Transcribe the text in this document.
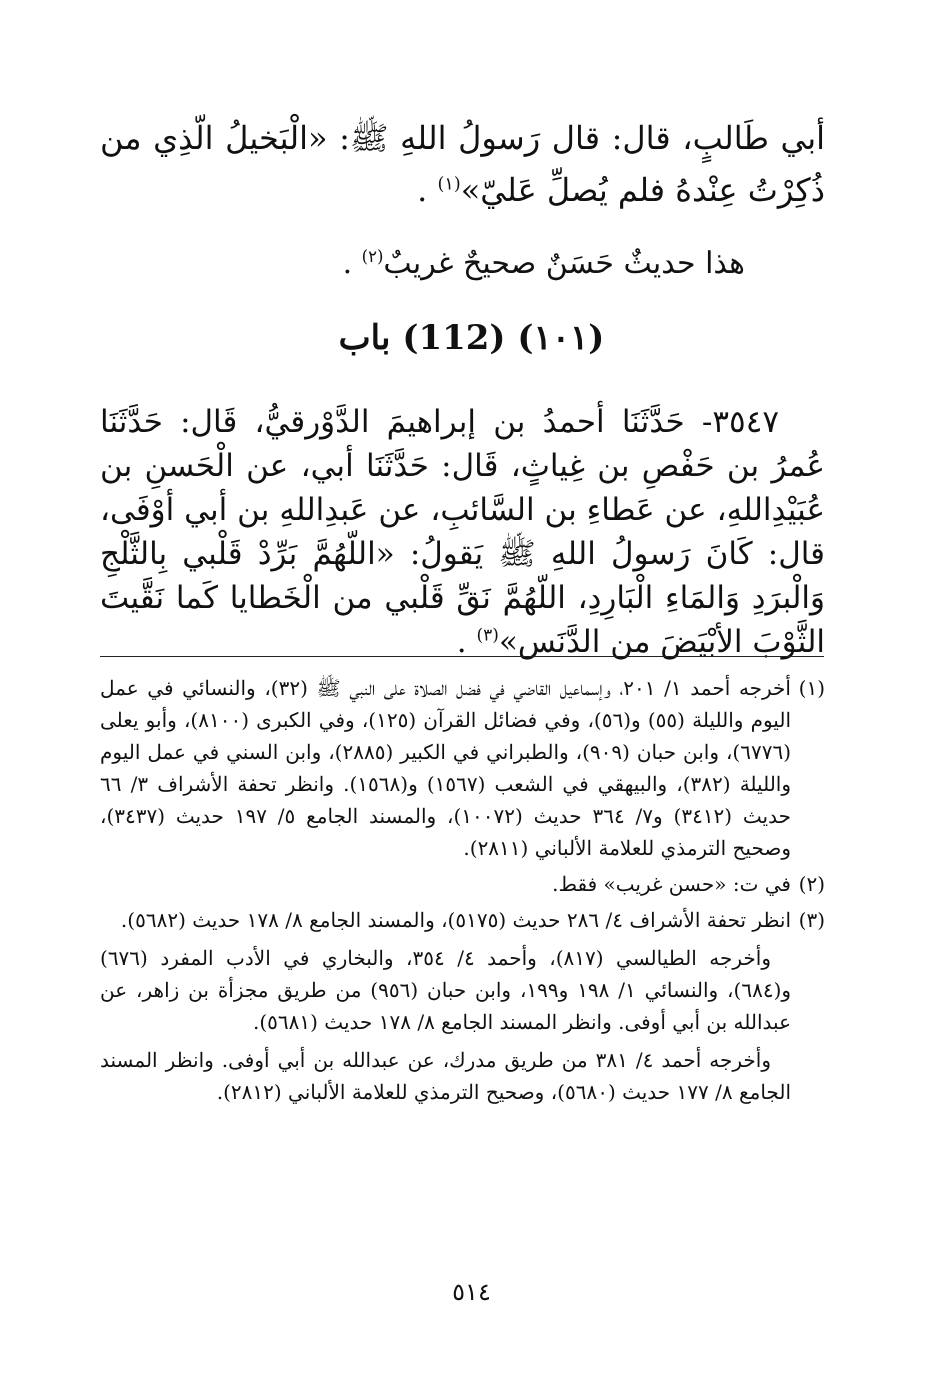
أبي طَالبٍ، قال: قال رَسولُ اللهِ ﷺ: «الْبَخيلُ الّذِي من ذُكِرْتُ عِنْدهُ فلم يُصلِّ عَليّ»$^{(١)}$ .

هذا حديثٌ حَسَنٌ صحيحٌ غريبٌ$^{(٢)}$ .

(١٠١) (112) باب

٣٥٤٧- حَدَّثَنَا أحمدُ بن إبراهيمَ الدَّوْرقيُّ، قَال: حَدَّثَنَا عُمرُ بن حَفْصِ بن غِياثٍ، قَال: حَدَّثَنَا أبي، عن الْحَسنِ بن عُبَيْدِاللهِ، عن عَطاءِ بن السَّائبِ، عن عَبدِاللهِ بن أبي أوْفَى، قال: كَانَ رَسولُ اللهِ ﷺ يَقولُ: «اللّهُمَّ بَرِّدْ قَلْبي بِالثَّلْجِ وَالْبرَدِ وَالمَاءِ الْبَارِدِ، اللّهُمَّ نَقِّ قَلْبي من الْخَطايا كَما نَقَّيتَ الثَّوْبَ الأبْيَضَ من الدَّنَس»$^{(٣)}$ .

(١)

أخرجه أحمد ١/ ٢٠١، وإسماعيل القاضي في فضل الصلاة على النبي ﷺ (٣٢)، والنسائي في عمل اليوم والليلة (٥٥) و(٥٦)، وفي فضائل القرآن (١٢٥)، وفي الكبرى (٨١٠٠)، وأبو يعلى (٦٧٧٦)، وابن حبان (٩٠٩)، والطبراني في الكبير (٢٨٨٥)، وابن السني في عمل اليوم والليلة (٣٨٢)، والبيهقي في الشعب (١٥٦٧) و(١٥٦٨). وانظر تحفة الأشراف ٣/ ٦٦ حديث (٣٤١٢) و٧/ ٣٦٤ حديث (١٠٠٧٢)، والمسند الجامع ٥/ ١٩٧ حديث (٣٤٣٧)، وصحيح الترمذي للعلامة الألباني (٢٨١١).

(٢)

في ت: «حسن غريب» فقط.

(٣)

انظر تحفة الأشراف ٤/ ٢٨٦ حديث (٥١٧٥)، والمسند الجامع ٨/ ١٧٨ حديث (٥٦٨٢).

وأخرجه الطيالسي (٨١٧)، وأحمد ٤/ ٣٥٤، والبخاري في الأدب المفرد (٦٧٦) و(٦٨٤)، والنسائي ١/ ١٩٨ و١٩٩، وابن حبان (٩٥٦) من طريق مجزأة بن زاهر، عن عبدالله بن أبي أوفى. وانظر المسند الجامع ٨/ ١٧٨ حديث (٥٦٨١).

وأخرجه أحمد ٤/ ٣٨١ من طريق مدرك، عن عبدالله بن أبي أوفى. وانظر المسند الجامع ٨/ ١٧٧ حديث (٥٦٨٠)، وصحيح الترمذي للعلامة الألباني (٢٨١٢).

٥١٤
